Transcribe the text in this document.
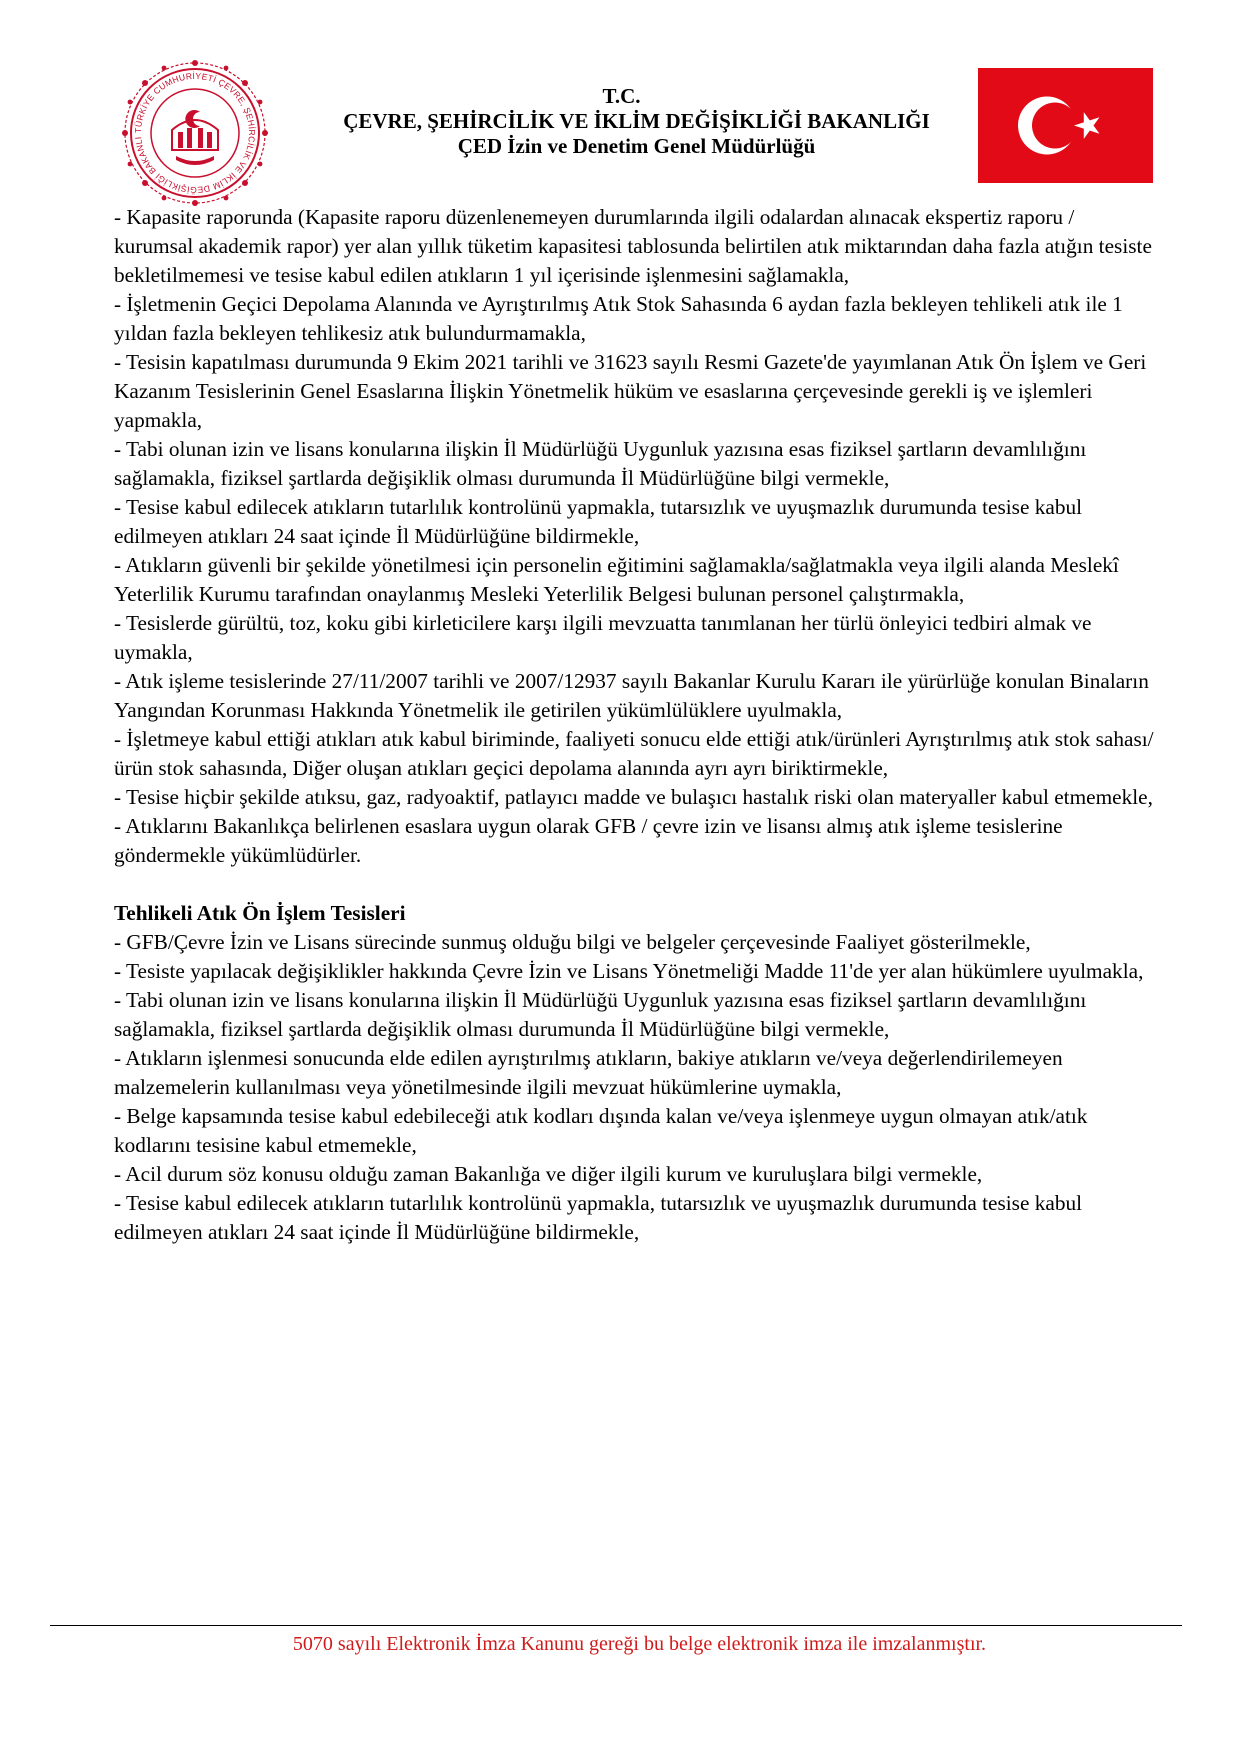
TÜRKİYE CUMHURİYETİ ÇEVRE, ŞEHİRCİLİK VE İKLİM DEĞİŞİKLİĞİ BAKANLI
T.C.
ÇEVRE, ŞEHİRCİLİK VE İKLİM DEĞİŞİKLİĞİ BAKANLIĞI
ÇED İzin ve Denetim Genel Müdürlüğü

- Kapasite raporunda (Kapasite raporu düzenlenemeyen durumlarında ilgili odalardan alınacak ekspertiz raporu / kurumsal akademik rapor) yer alan yıllık tüketim kapasitesi tablosunda belirtilen atık miktarından daha fazla atığın tesiste bekletilmemesi ve tesise kabul edilen atıkların 1 yıl içerisinde işlenmesini sağlamakla,

- İşletmenin Geçici Depolama Alanında ve Ayrıştırılmış Atık Stok Sahasında 6 aydan fazla bekleyen tehlikeli atık ile 1 yıldan fazla bekleyen tehlikesiz atık bulundurmamakla,

- Tesisin kapatılması durumunda 9 Ekim 2021 tarihli ve 31623 sayılı Resmi Gazete'de yayımlanan Atık Ön İşlem ve Geri Kazanım Tesislerinin Genel Esaslarına İlişkin Yönetmelik hüküm ve esaslarına çerçevesinde gerekli iş ve işlemleri yapmakla,

- Tabi olunan izin ve lisans konularına ilişkin İl Müdürlüğü Uygunluk yazısına esas fiziksel şartların devamlılığını sağlamakla, fiziksel şartlarda değişiklik olması durumunda İl Müdürlüğüne bilgi vermekle,

- Tesise kabul edilecek atıkların tutarlılık kontrolünü yapmakla, tutarsızlık ve uyuşmazlık durumunda tesise kabul edilmeyen atıkları 24 saat içinde İl Müdürlüğüne bildirmekle,

- Atıkların güvenli bir şekilde yönetilmesi için personelin eğitimini sağlamakla/sağlatmakla veya ilgili alanda Meslekî Yeterlilik Kurumu tarafından onaylanmış Mesleki Yeterlilik Belgesi bulunan personel çalıştırmakla,

- Tesislerde gürültü, toz, koku gibi kirleticilere karşı ilgili mevzuatta tanımlanan her türlü önleyici tedbiri almak ve uymakla,

- Atık işleme tesislerinde 27/11/2007 tarihli ve 2007/12937 sayılı Bakanlar Kurulu Kararı ile yürürlüğe konulan Binaların Yangından Korunması Hakkında Yönetmelik ile getirilen yükümlülüklere uyulmakla,

- İşletmeye kabul ettiği atıkları atık kabul biriminde, faaliyeti sonucu elde ettiği atık/ürünleri Ayrıştırılmış atık stok sahası/ürün stok sahasında, Diğer oluşan atıkları geçici depolama alanında ayrı ayrı biriktirmekle,

- Tesise hiçbir şekilde atıksu, gaz, radyoaktif, patlayıcı madde ve bulaşıcı hastalık riski olan materyaller kabul etmemekle,

- Atıklarını Bakanlıkça belirlenen esaslara uygun olarak GFB / çevre izin ve lisansı almış atık işleme tesislerine göndermekle yükümlüdürler.

Tehlikeli Atık Ön İşlem Tesisleri

- GFB/Çevre İzin ve Lisans sürecinde sunmuş olduğu bilgi ve belgeler çerçevesinde Faaliyet gösterilmekle,

- Tesiste yapılacak değişiklikler hakkında Çevre İzin ve Lisans Yönetmeliği Madde 11'de yer alan hükümlere uyulmakla,

- Tabi olunan izin ve lisans konularına ilişkin İl Müdürlüğü Uygunluk yazısına esas fiziksel şartların devamlılığını sağlamakla, fiziksel şartlarda değişiklik olması durumunda İl Müdürlüğüne bilgi vermekle,

- Atıkların işlenmesi sonucunda elde edilen ayrıştırılmış atıkların, bakiye atıkların ve/veya değerlendirilemeyen malzemelerin kullanılması veya yönetilmesinde ilgili mevzuat hükümlerine uymakla,

- Belge kapsamında tesise kabul edebileceği atık kodları dışında kalan ve/veya işlenmeye uygun olmayan atık/atık kodlarını tesisine kabul etmemekle,

- Acil durum söz konusu olduğu zaman Bakanlığa ve diğer ilgili kurum ve kuruluşlara bilgi vermekle,

- Tesise kabul edilecek atıkların tutarlılık kontrolünü yapmakla, tutarsızlık ve uyuşmazlık durumunda tesise kabul edilmeyen atıkları 24 saat içinde İl Müdürlüğüne bildirmekle,

5070 sayılı Elektronik İmza Kanunu gereği bu belge elektronik imza ile imzalanmıştır.
